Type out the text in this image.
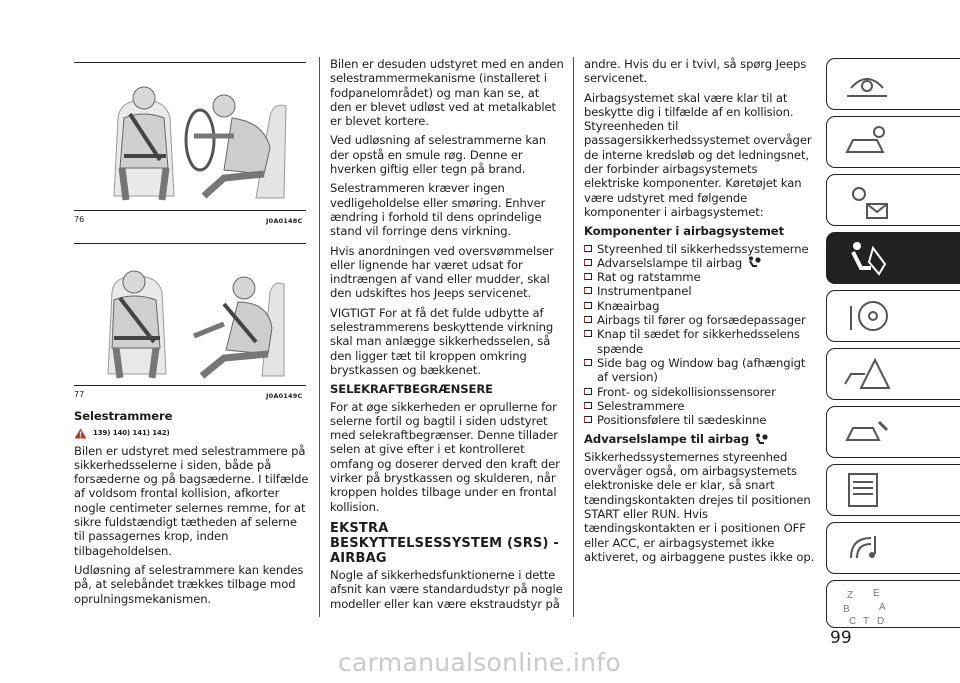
76	J0A0148C
77	J0A0149C
Selestrammere
139) 140) 141) 142)

Bilen er udstyret med selestrammere på sikkerhedsselerne i siden, både på forsæderne og på bagsæderne. I tilfælde af voldsom frontal kollision, afkorter nogle centimeter selernes remme, for at sikre fuldstændigt tætheden af selerne til passagernes krop, inden tilbageholdelsen.

Udløsning af selestrammere kan kendes på, at selebåndet trækkes tilbage mod oprulningsmekanismen.

Bilen er desuden udstyret med en anden selestrammermekanisme (installeret i fodpanelområdet) og man kan se, at den er blevet udløst ved at metalkablet er blevet kortere.

Ved udløsning af selestrammerne kan der opstå en smule røg. Denne er hverken giftig eller tegn på brand.

Selestrammeren kræver ingen vedligeholdelse eller smøring. Enhver ændring i forhold til dens oprindelige stand vil forringe dens virkning.

Hvis anordningen ved oversvømmelser eller lignende har været udsat for indtrængen af vand eller mudder, skal den udskiftes hos Jeeps servicenet.

VIGTIGT For at få det fulde udbytte af selestrammerens beskyttende virkning skal man anlægge sikkerhedsselen, så den ligger tæt til kroppen omkring brystkassen og bækkenet.

SELEKRAFTBEGRÆNSERE

For at øge sikkerheden er oprullerne for selerne fortil og bagtil i siden udstyret med selekraftbegrænser. Denne tillader selen at give efter i et kontrolleret omfang og doserer derved den kraft der virker på brystkassen og skulderen, når kroppen holdes tilbage under en frontal kollision.

EKSTRA BESKYTTELSESSYSTEM (SRS) - AIRBAG

Nogle af sikkerhedsfunktionerne i dette afsnit kan være standardudstyr på nogle modeller eller kan være ekstraudstyr på

andre. Hvis du er i tvivl, så spørg Jeeps servicenet.

Airbagsystemet skal være klar til at beskytte dig i tilfælde af en kollision. Styreenheden til passagersikkerhedssystemet overvåger de interne kredsløb og det ledningsnet, der forbinder airbagsystemets elektriske komponenter. Køretøjet kan være udstyret med følgende komponenter i airbagsystemet:

Komponenter i airbagsystemet
Styreenhed til sikkerhedssystemerne
Advarselslampe til airbag
Rat og ratstamme
Instrumentpanel
Knæairbag
Airbags til fører og forsædepassager
Knap til sædet for sikkerhedsselens spænde
Side bag og Window bag (afhængigt af version)
Front- og sidekollisionssensorer
Selestrammere
Positionsfølere til sædeskinne
Advarselslampe til airbag

Sikkerhedssystemernes styreenhed overvåger også, om airbagsystemets elektroniske dele er klar, så snart tændingskontakten drejes til positionen START eller RUN. Hvis tændingskontakten er i positionen OFF eller ACC, er airbagsystemet ikke aktiveret, og airbaggene pustes ikke op.

Z E
B	A
C T D
99
carmanualsonline.info
